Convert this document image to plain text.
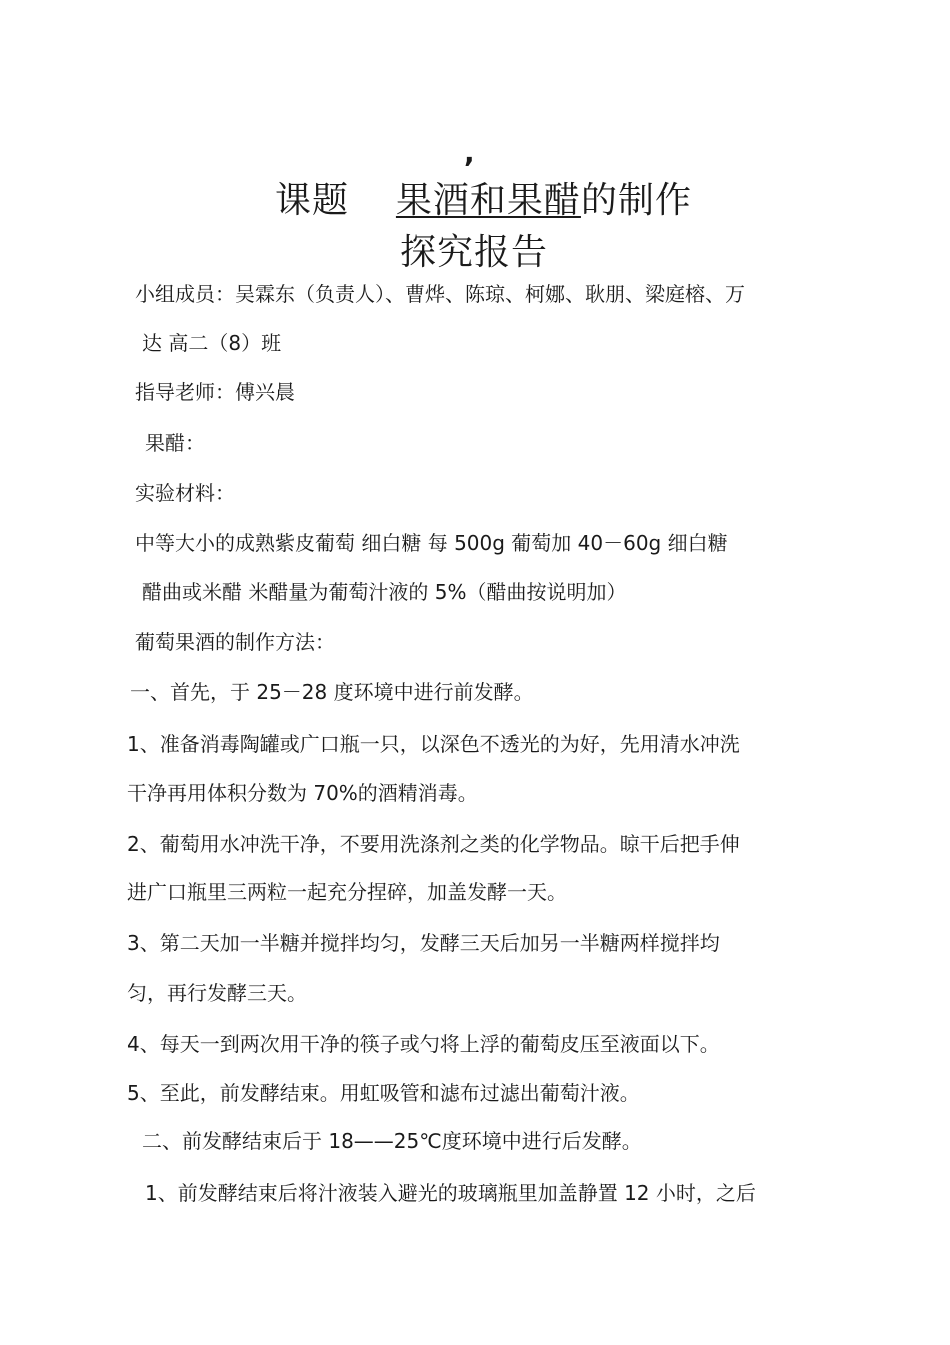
,
课题 果酒和果醋的制作
探究报告
小组成员：吴霖东（负责人）、曹烨、陈琼、柯娜、耿朋、梁庭榕、万
达 高二（8）班
指导老师：傅兴晨
果醋：
实验材料：
中等大小的成熟紫皮葡萄 细白糖 每 500g 葡萄加 40－60g 细白糖
醋曲或米醋 米醋量为葡萄汁液的 5%（醋曲按说明加）
葡萄果酒的制作方法：
一、首先，于 25－28 度环境中进行前发酵。
1、准备消毒陶罐或广口瓶一只，以深色不透光的为好，先用清水冲洗
干净再用体积分数为 70%的酒精消毒。
2、葡萄用水冲洗干净，不要用洗涤剂之类的化学物品。晾干后把手伸
进广口瓶里三两粒一起充分捏碎，加盖发酵一天。
3、第二天加一半糖并搅拌均匀，发酵三天后加另一半糖两样搅拌均
匀，再行发酵三天。
4、每天一到两次用干净的筷子或勺将上浮的葡萄皮压至液面以下。
5、至此，前发酵结束。用虹吸管和滤布过滤出葡萄汁液。
二、前发酵结束后于 18——25℃度环境中进行后发酵。
1、前发酵结束后将汁液装入避光的玻璃瓶里加盖静置 12 小时，之后
